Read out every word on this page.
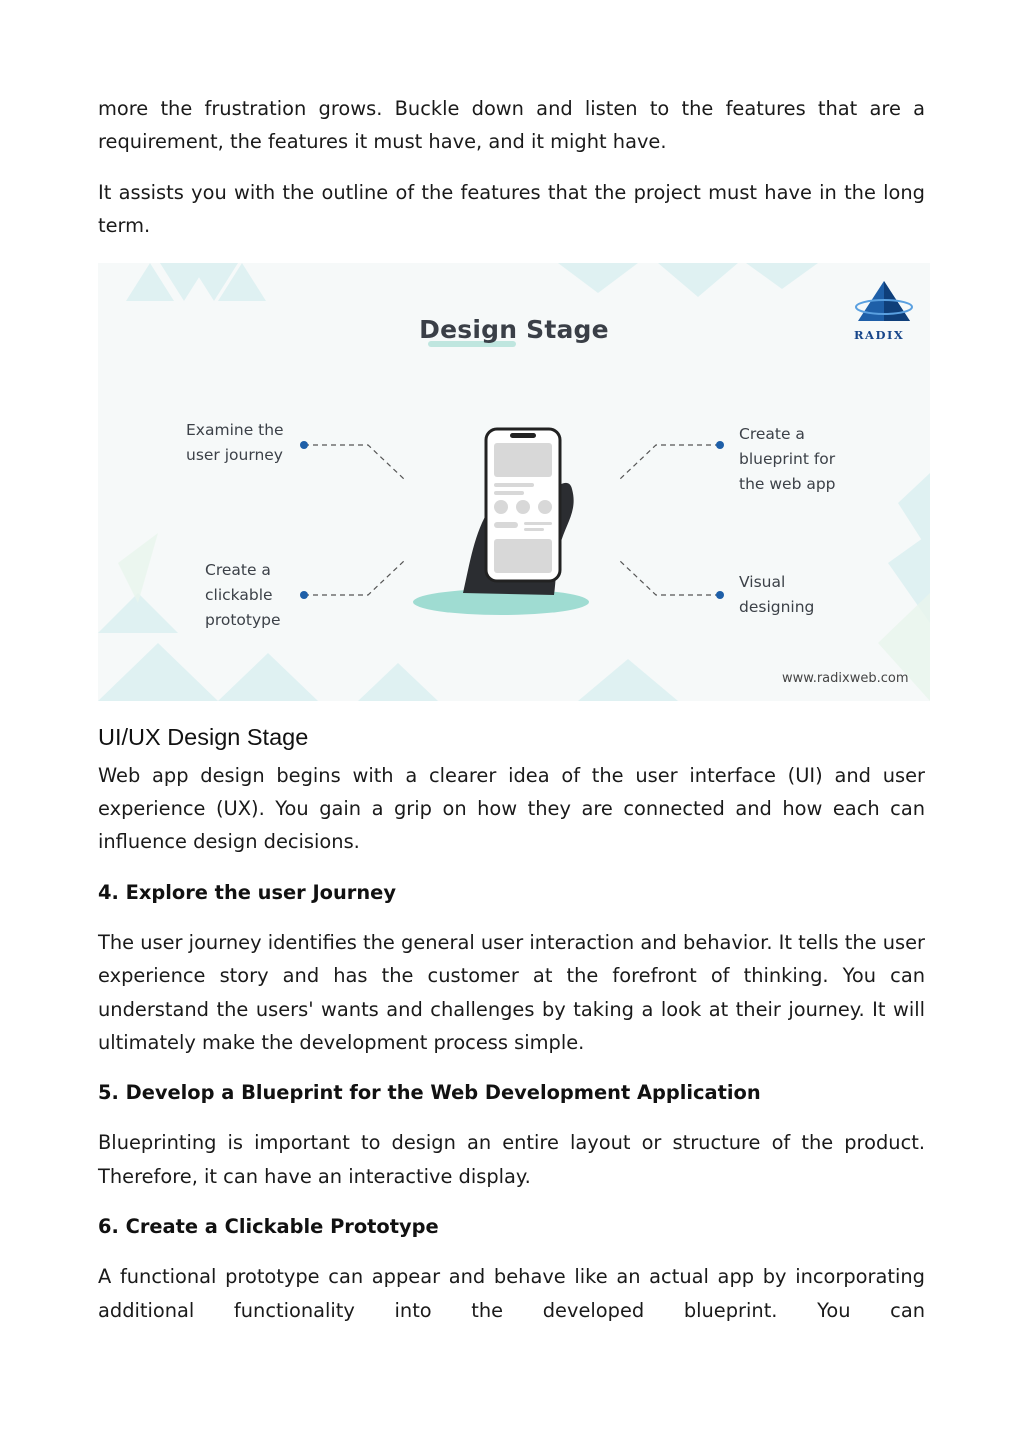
more the frustration grows. Buckle down and listen to the features that are a requirement, the features it must have, and it might have.

It assists you with the outline of the features that the project must have in the long term.

Design Stage	RADIX
Examine the
user journey
Create a
clickable
prototype
Create a
blueprint for
the web app
Visual
designing
www.radixweb.com
UI/UX Design Stage

Web app design begins with a clearer idea of the user interface (UI) and user experience (UX). You gain a grip on how they are connected and how each can influence design decisions.

4. Explore the user Journey

The user journey identifies the general user interaction and behavior. It tells the user experience story and has the customer at the forefront of thinking. You can understand the users' wants and challenges by taking a look at their journey. It will ultimately make the development process simple.

5. Develop a Blueprint for the Web Development Application

Blueprinting is important to design an entire layout or structure of the product. Therefore, it can have an interactive display.

6. Create a Clickable Prototype

A functional prototype can appear and behave like an actual app by incorporating additional functionality into the developed blueprint. You can
